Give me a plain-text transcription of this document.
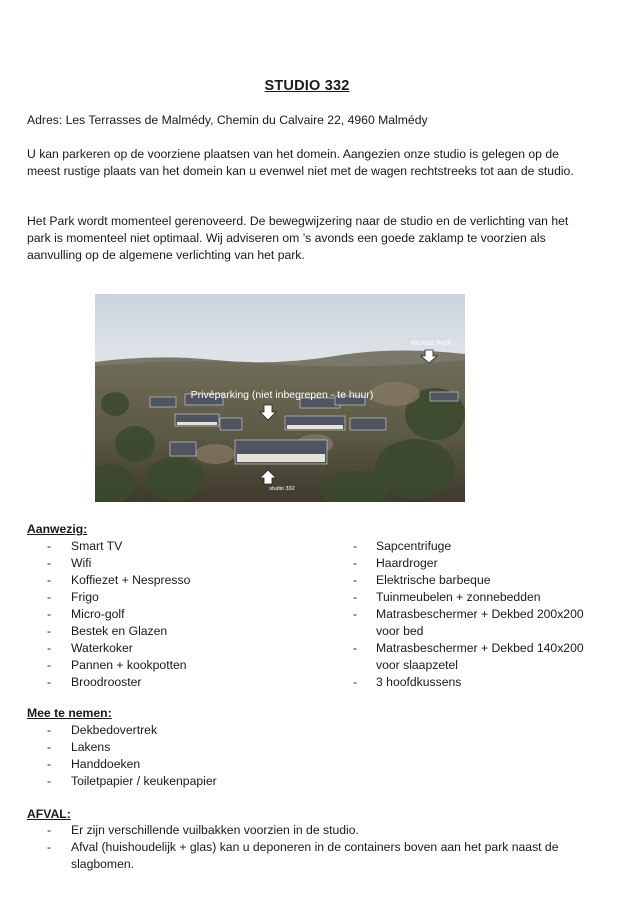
STUDIO 332

Adres: Les Terrasses de Malmédy, Chemin du Calvaire 22, 4960 Malmédy

U kan parkeren op de voorziene plaatsen van het domein. Aangezien onze studio is gelegen op de meest rustige plaats van het domein kan u evenwel niet met de wagen rechtstreeks tot aan de studio.

Het Park wordt momenteel gerenoveerd. De bewegwijzering naar de studio en de verlichting van het park is momenteel niet optimaal. Wij adviseren om ’s avonds een goede zaklamp te voorzien als aanvulling op de algemene verlichting van het park.

INGANG PARK
Privéparking (niet inbegrepen - te huur)
studio 332
Aanwezig:
- Smart TV
- Wifi
- Koffiezet + Nespresso
- Frigo
- Micro-golf
- Bestek en Glazen
- Waterkoker
- Pannen + kookpotten
- Broodrooster
- Sapcentrifuge
- Haardroger
- Elektrische barbeque
- Tuinmeubelen + zonnebedden
- Matrasbeschermer + Dekbed 200x200
voor bed
- Matrasbeschermer + Dekbed 140x200
voor slaapzetel
- 3 hoofdkussens
Mee te nemen:
- Dekbedovertrek
- Lakens
- Handdoeken
- Toiletpapier / keukenpapier
AFVAL:
- Er zijn verschillende vuilbakken voorzien in de studio.
- Afval (huishoudelijk + glas) kan u deponeren in de containers boven aan het park naast de slagbomen.
